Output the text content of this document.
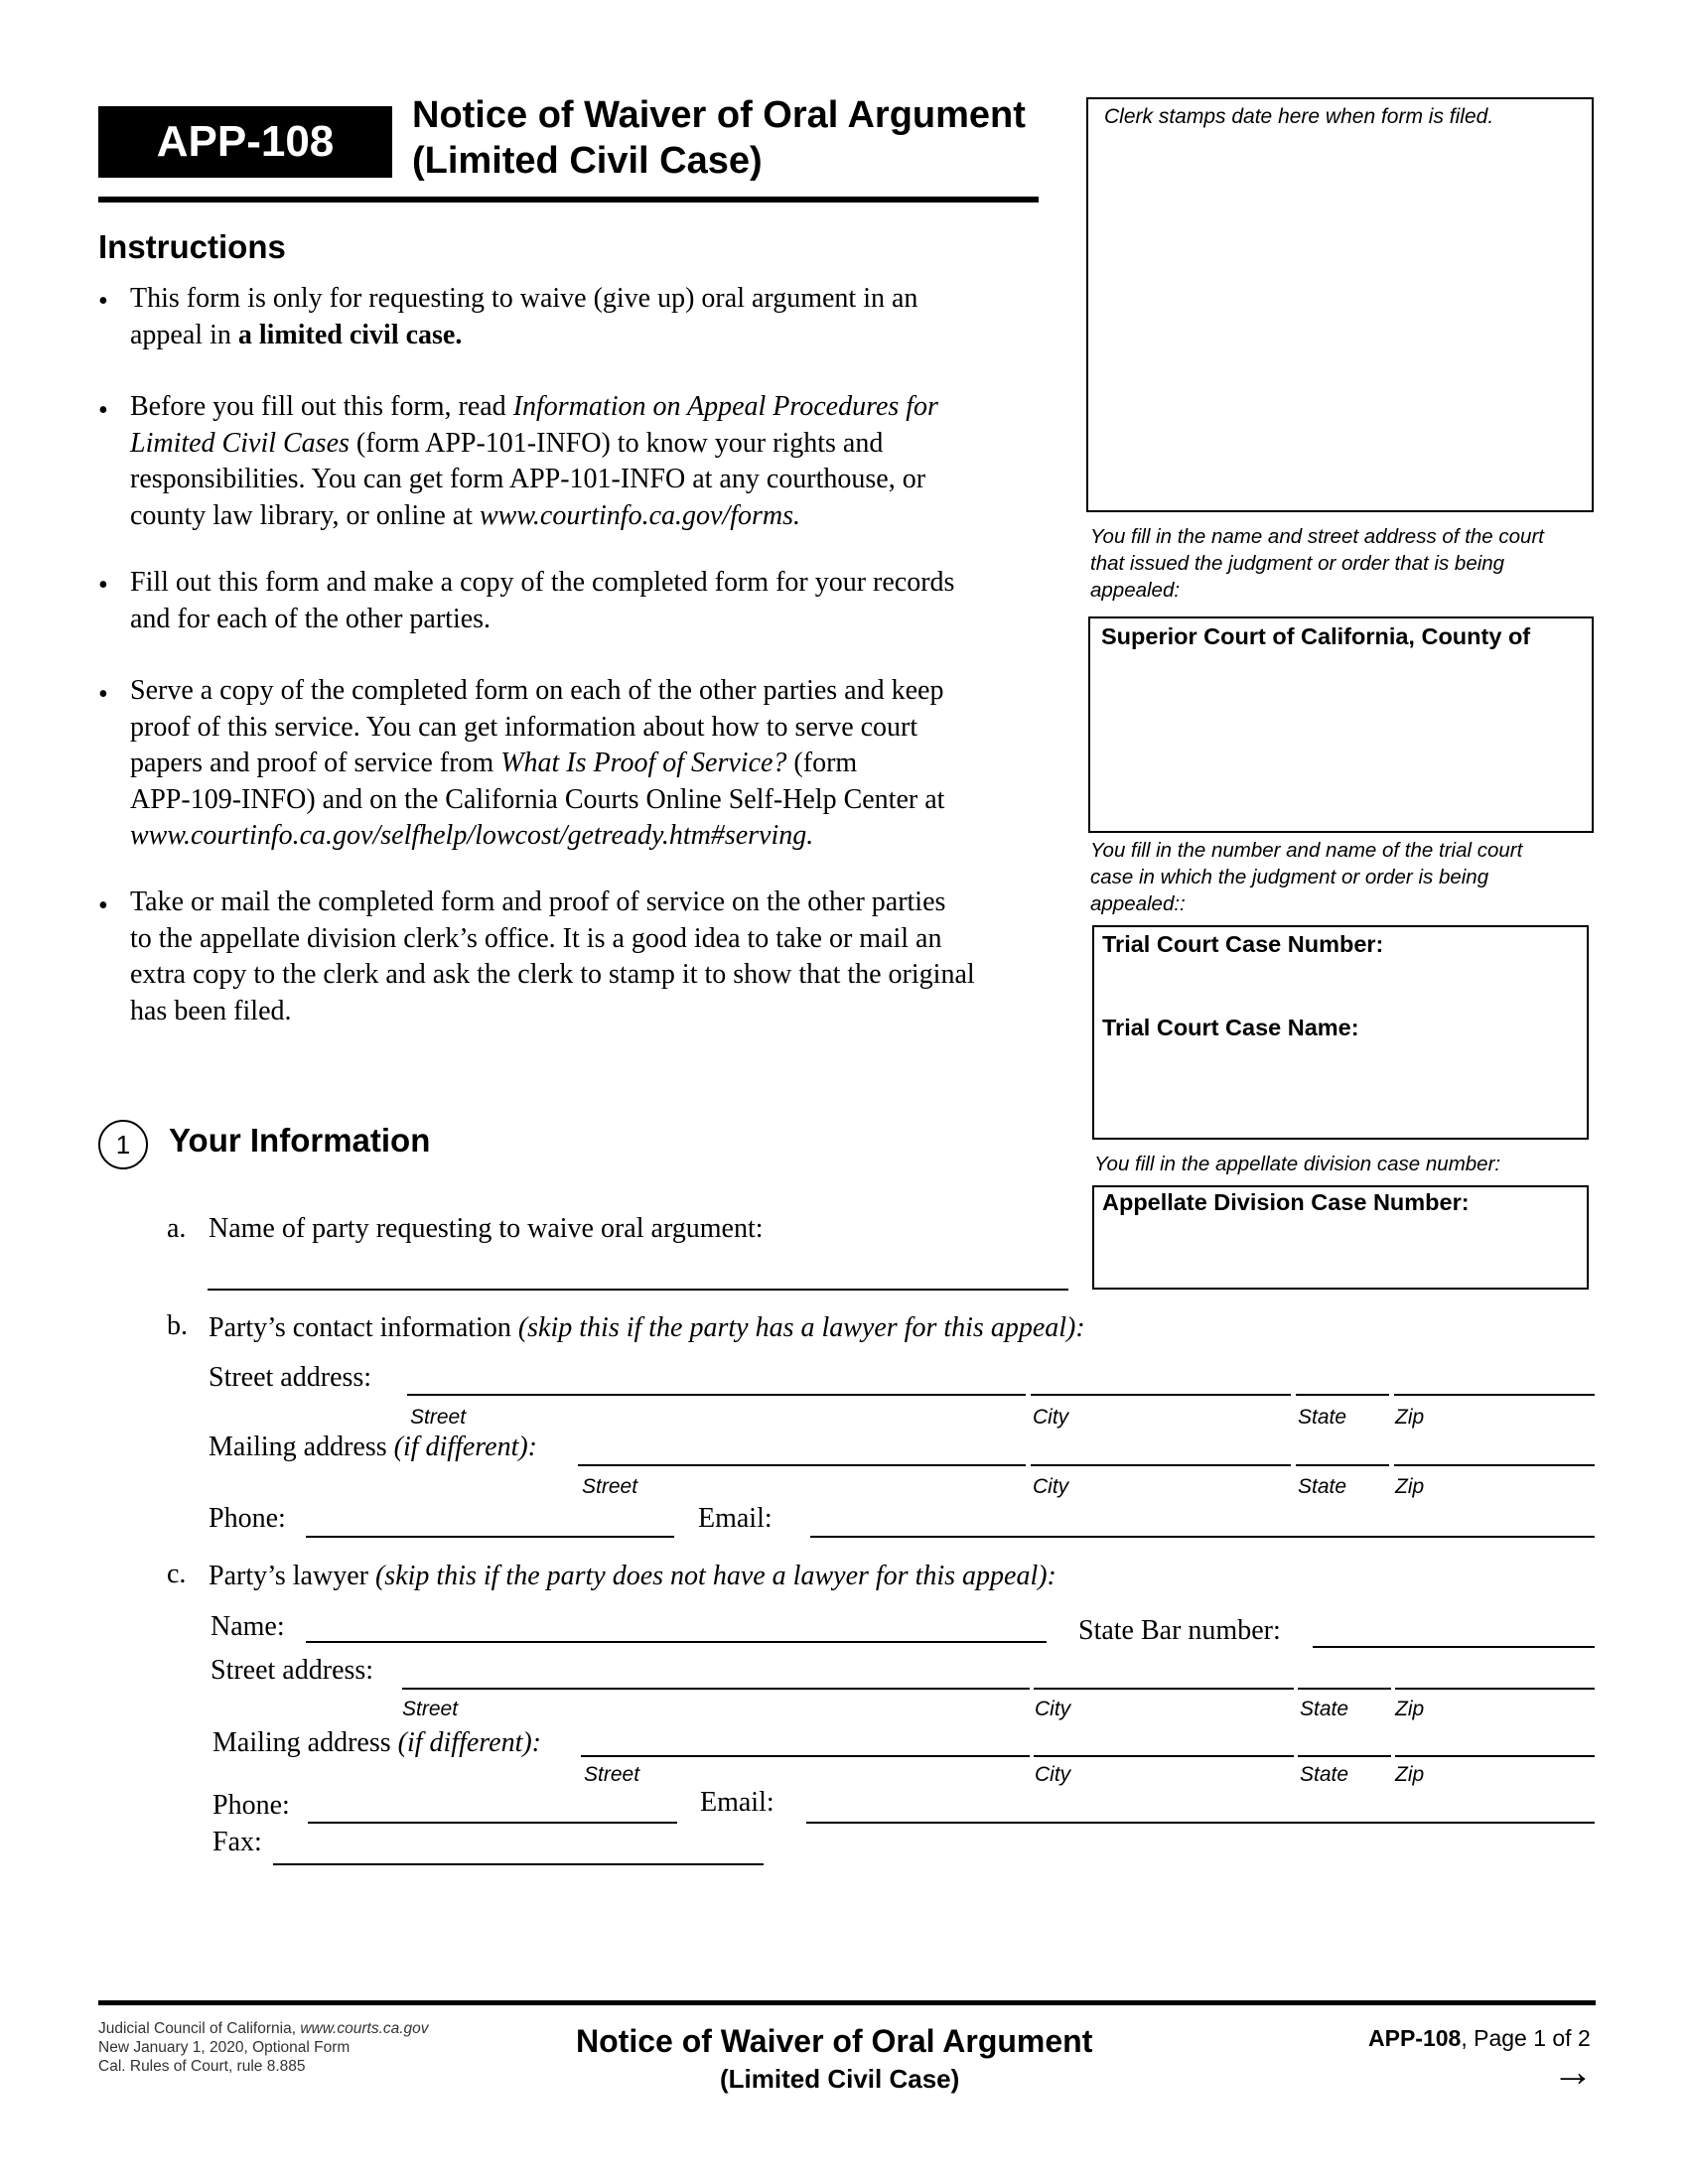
APP-108
Notice of Waiver of Oral Argument
(Limited Civil Case)
Instructions
• This form is only for requesting to waive (give up) oral argument in an
appeal in a limited civil case.
• Before you fill out this form, read Information on Appeal Procedures for
Limited Civil Cases (form APP-101-INFO) to know your rights and
responsibilities. You can get form APP-101-INFO at any courthouse, or
county law library, or online at www.courtinfo.ca.gov/forms.
• Fill out this form and make a copy of the completed form for your records
and for each of the other parties.
• Serve a copy of the completed form on each of the other parties and keep
proof of this service. You can get information about how to serve court
papers and proof of service from What Is Proof of Service? (form
APP-109-INFO) and on the California Courts Online Self-Help Center at
www.courtinfo.ca.gov/selfhelp/lowcost/getready.htm#serving.
• Take or mail the completed form and proof of service on the other parties
to the appellate division clerk’s office. It is a good idea to take or mail an
extra copy to the clerk and ask the clerk to stamp it to show that the original
has been filed.
Clerk stamps date here when form is filed.
You fill in the name and street address of the court
that issued the judgment or order that is being
appealed:
Superior Court of California, County of
You fill in the number and name of the trial court
case in which the judgment or order is being
appealed::
Trial Court Case Number:
Trial Court Case Name:
You fill in the appellate division case number:
Appellate Division Case Number:
1	Your Information
a. Name of party requesting to waive oral argument:
b. Party’s contact information (skip this if the party has a lawyer for this appeal):
Street address:
Street	City	State Zip
Mailing address (if different):
Street	City	State Zip
Phone:	Email:
c. Party’s lawyer (skip this if the party does not have a lawyer for this appeal):
Name:	State Bar number:
Street address:
Street	City	State Zip
Mailing address (if different):
Street	City	State Zip
Phone:	Email:
Fax:
Judicial Council of California, www.courts.ca.gov
New January 1, 2020, Optional Form
Cal. Rules of Court, rule 8.885
Notice of Waiver of Oral Argument
(Limited Civil Case)
APP-108, Page 1 of 2
→
